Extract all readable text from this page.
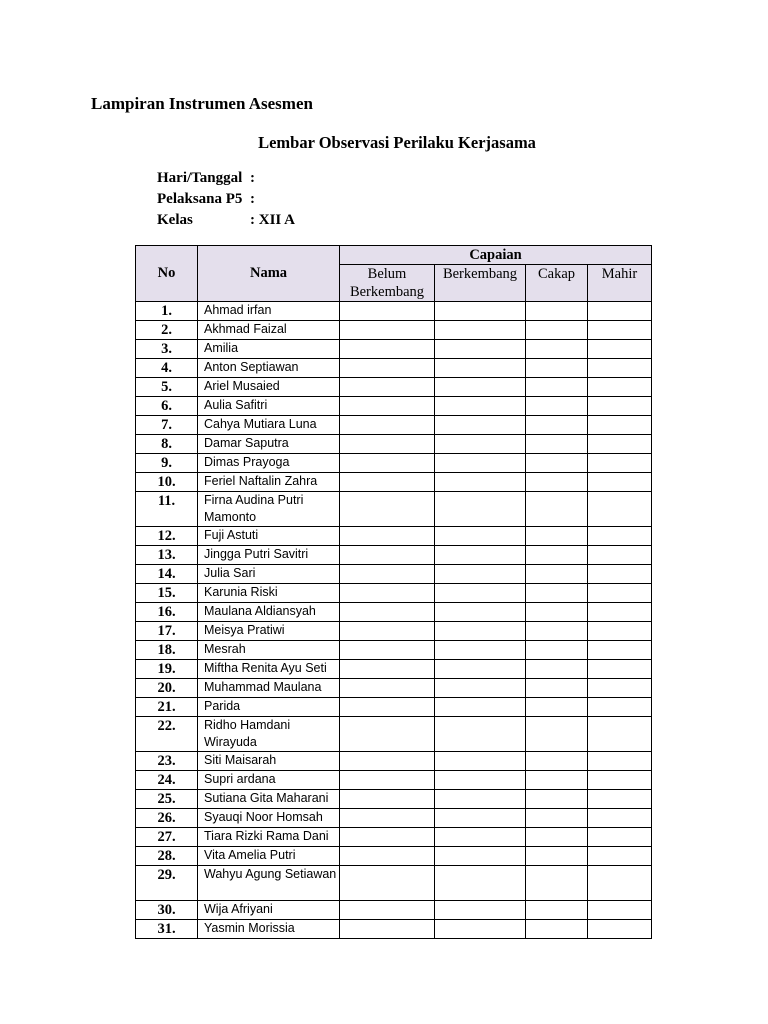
Lampiran Instrumen Asesmen
Lembar Observasi Perilaku Kerjasama
Hari/Tanggal :
Pelaksana P5 :
Kelas	: XII A
No	Nama	Capaian			
		Belum Berkembang	Berkembang	Cakap	Mahir
1.	Ahmad irfan				
2.	Akhmad Faizal				
3.	Amilia				
4.	Anton Septiawan				
5.	Ariel Musaied				
6.	Aulia Safitri				
7.	Cahya Mutiara Luna				
8.	Damar Saputra				
9.	Dimas Prayoga				
10.	Feriel Naftalin Zahra				
11.	Firna Audina Putri Mamonto				
12.	Fuji Astuti				
13.	Jingga Putri Savitri				
14.	Julia Sari				
15.	Karunia Riski				
16.	Maulana Aldiansyah				
17.	Meisya Pratiwi				
18.	Mesrah				
19.	Miftha Renita Ayu Seti				
20.	Muhammad Maulana				
21.	Parida				
22.	Ridho Hamdani Wirayuda				
23.	Siti Maisarah				
24.	Supri ardana				
25.	Sutiana Gita Maharani				
26.	Syauqi Noor Homsah				
27.	Tiara Rizki Rama Dani				
28.	Vita Amelia Putri				
29.	Wahyu Agung Setiawan				
30.	Wija Afriyani				
31.	Yasmin Morissia				
